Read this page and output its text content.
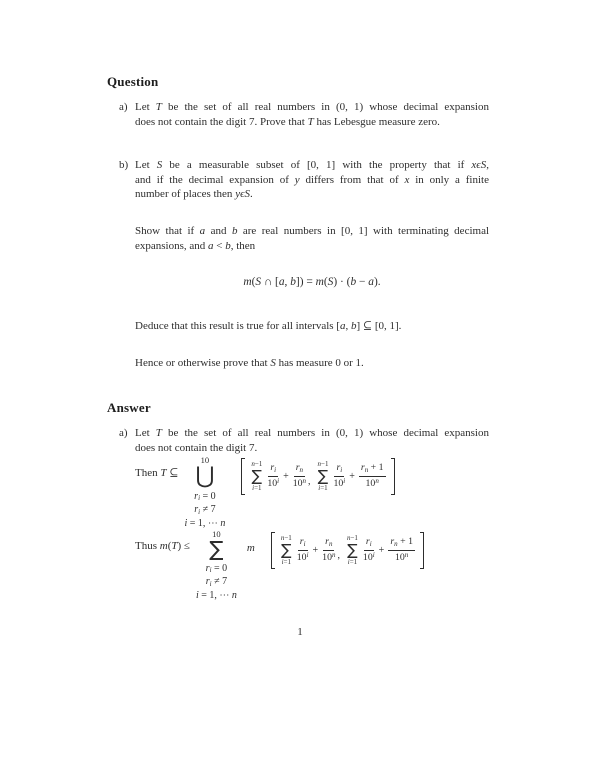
Question
a) Let T be the set of all real numbers in (0, 1) whose decimal expansion
does not contain the digit 7. Prove that T has Lebesgue measure zero.
b) Let S be a measurable subset of [0, 1] with the property that if xϵS,
and if the decimal expansion of y differs from that of x in only a finite
number of places then yϵS.
Show that if a and b are real numbers in [0, 1] with terminating decimal
expansions, and a < b, then
m(S ∩ [a, b]) = m(S) · (b − a).
Deduce that this result is true for all intervals [a, b] ⊆ [0, 1].
Hence or otherwise prove that S has measure 0 or 1.
Answer
a) Let T be the set of all real numbers in (0, 1) whose decimal expansion
does not contain the digit 7.
Then T ⊆
10
⋃
$r_i = 0$
$r_i \ne 7$
i = 1, ⋯ n
n−1
∑
$i=1 \frac{r_i}{10^i} + \frac{r_n}{10^n}$ ,
n−1
∑
$i=1 \frac{r_i}{10^i} + \frac{r_n + 1}{10^n}$
Thus m(T) ≤
10
∑
$r_i = 0$
$r_i \ne 7$
i = 1, ⋯ n
m
n−1
∑
$i=1 \frac{r_i}{10^i} + \frac{r_n}{10^n}$ ,
n−1
∑
$i=1 \frac{r_i}{10^i} + \frac{r_n + 1}{10^n}$
1
